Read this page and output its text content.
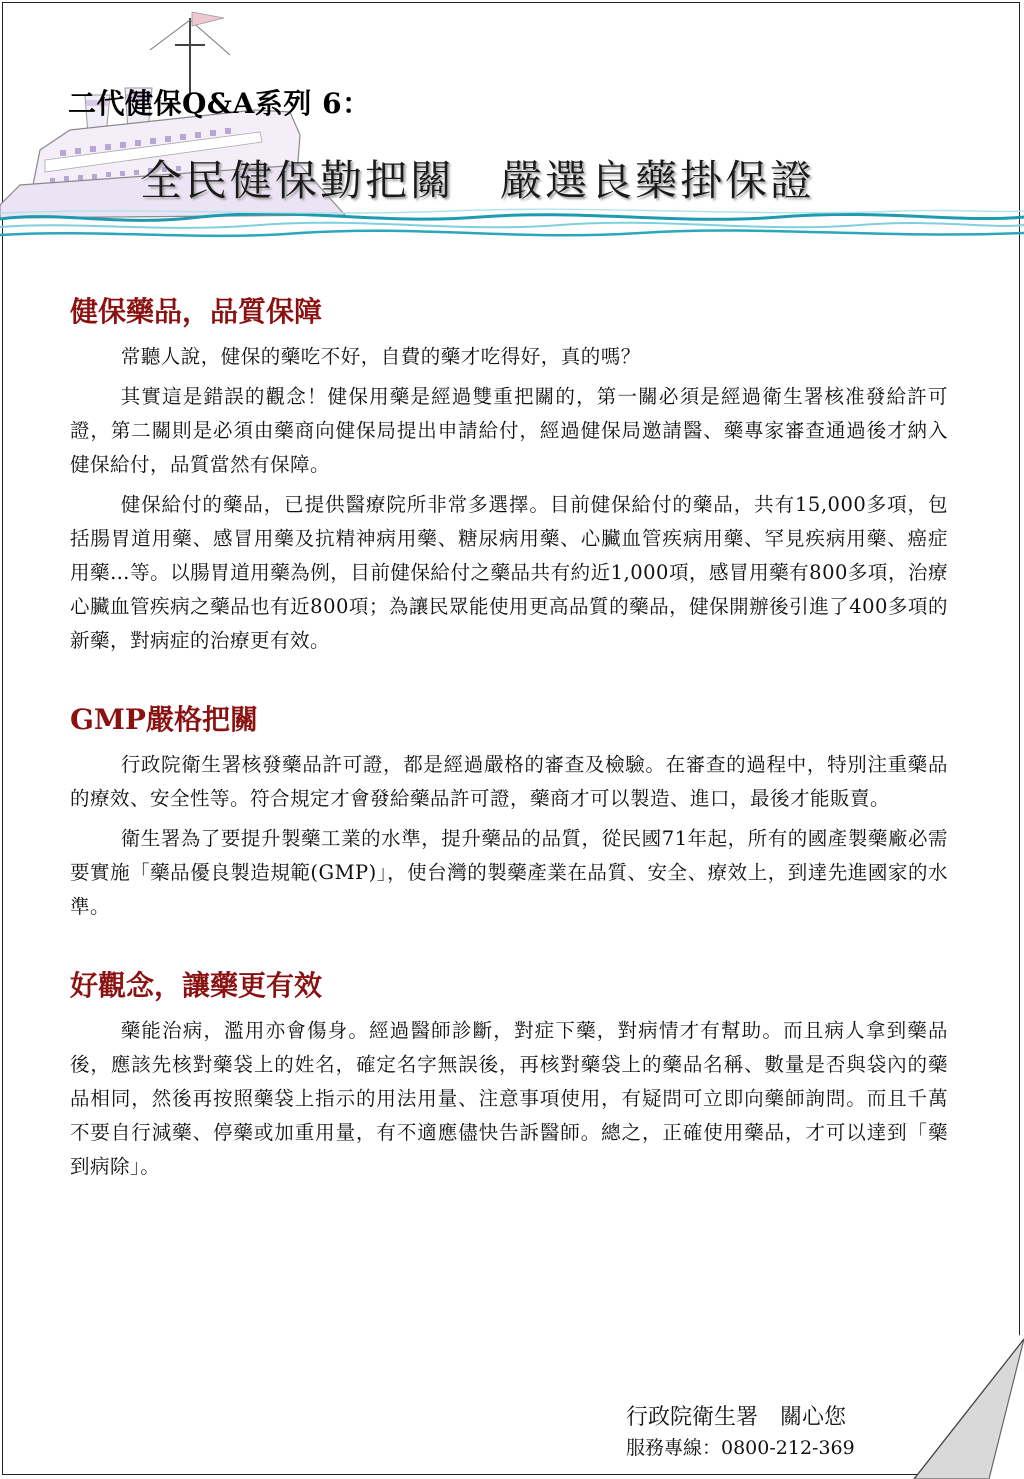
二代健保Q&A系列 6：
全民健保勤把關　嚴選良藥掛保證
健保藥品，品質保障

常聽人說，健保的藥吃不好，自費的藥才吃得好，真的嗎？

其實這是錯誤的觀念！健保用藥是經過雙重把關的，第一關必須是經過衛生署核准發給許可證，第二關則是必須由藥商向健保局提出申請給付，經過健保局邀請醫、藥專家審查通過後才納入健保給付，品質當然有保障。

健保給付的藥品，已提供醫療院所非常多選擇。目前健保給付的藥品，共有15,000多項，包括腸胃道用藥、感冒用藥及抗精神病用藥、糖尿病用藥、心臟血管疾病用藥、罕見疾病用藥、癌症用藥…等。以腸胃道用藥為例，目前健保給付之藥品共有約近1,000項，感冒用藥有800多項，治療心臟血管疾病之藥品也有近800項；為讓民眾能使用更高品質的藥品，健保開辦後引進了400多項的新藥，對病症的治療更有效。

GMP嚴格把關

行政院衛生署核發藥品許可證，都是經過嚴格的審查及檢驗。在審查的過程中，特別注重藥品的療效、安全性等。符合規定才會發給藥品許可證，藥商才可以製造、進口，最後才能販賣。

衛生署為了要提升製藥工業的水準，提升藥品的品質，從民國71年起，所有的國產製藥廠必需要實施「藥品優良製造規範(GMP)」，使台灣的製藥產業在品質、安全、療效上，到達先進國家的水準。

好觀念，讓藥更有效

藥能治病，濫用亦會傷身。經過醫師診斷，對症下藥，對病情才有幫助。而且病人拿到藥品後，應該先核對藥袋上的姓名，確定名字無誤後，再核對藥袋上的藥品名稱、數量是否與袋內的藥品相同，然後再按照藥袋上指示的用法用量、注意事項使用，有疑問可立即向藥師詢問。而且千萬不要自行減藥、停藥或加重用量，有不適應儘快告訴醫師。總之，正確使用藥品，才可以達到「藥到病除」。

行政院衛生署　關心您
服務專線：0800-212-369
